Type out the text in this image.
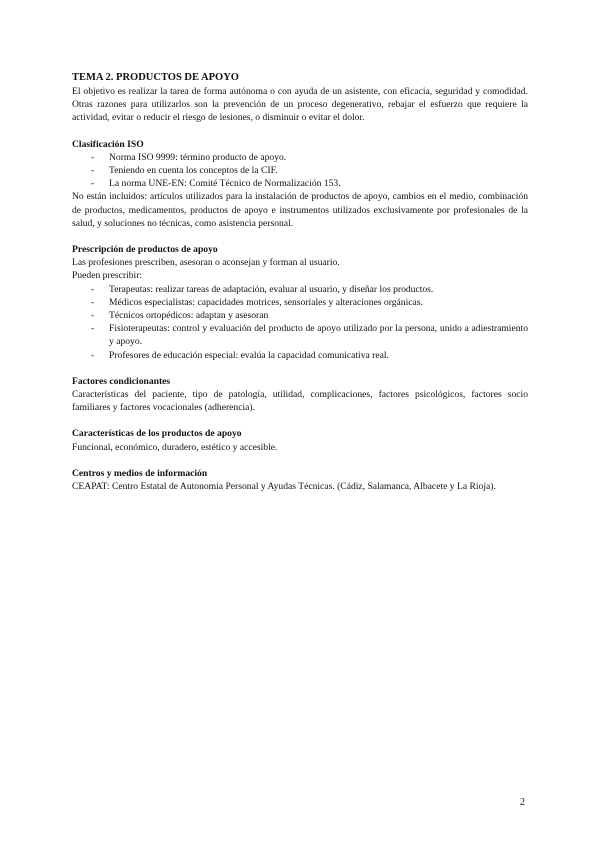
TEMA 2. PRODUCTOS DE APOYO

El objetivo es realizar la tarea de forma autónoma o con ayuda de un asistente, con eficacia, seguridad y comodidad. Otras razones para utilizarlos son la prevención de un proceso degenerativo, rebajar el esfuerzo que requiere la actividad, evitar o reducir el riesgo de lesiones, o disminuir o evitar el dolor.

Clasificación ISO
- Norma ISO 9999: término producto de apoyo.
- Teniendo en cuenta los conceptos de la CIF.
- La norma UNE-EN: Comité Técnico de Normalización 153.

No están incluidos: artículos utilizados para la instalación de productos de apoyo, cambios en el medio, combinación de productos, medicamentos, productos de apoyo e instrumentos utilizados exclusivamente por profesionales de la salud, y soluciones no técnicas, como asistencia personal.

Prescripción de productos de apoyo

Las profesiones prescriben, asesoran o aconsejan y forman al usuario.

Pueden prescribir:

- Terapeutas: realizar tareas de adaptación, evaluar al usuario, y diseñar los productos.
- Médicos especialistas: capacidades motrices, sensoriales y alteraciones orgánicas.
- Técnicos ortopédicos: adaptan y asesoran
- Fisioterapeutas: control y evaluación del producto de apoyo utilizado por la persona, unido a adiestramiento y apoyo.
- Profesores de educación especial: evalúa la capacidad comunicativa real.
Factores condicionantes

Características del paciente, tipo de patología, utilidad, complicaciones, factores psicológicos, factores socio familiares y factores vocacionales (adherencia).

Características de los productos de apoyo

Funcional, económico, duradero, estético y accesible.

Centros y medios de información

CEAPAT: Centro Estatal de Autonomía Personal y Ayudas Técnicas. (Cádiz, Salamanca, Albacete y La Rioja).

2
